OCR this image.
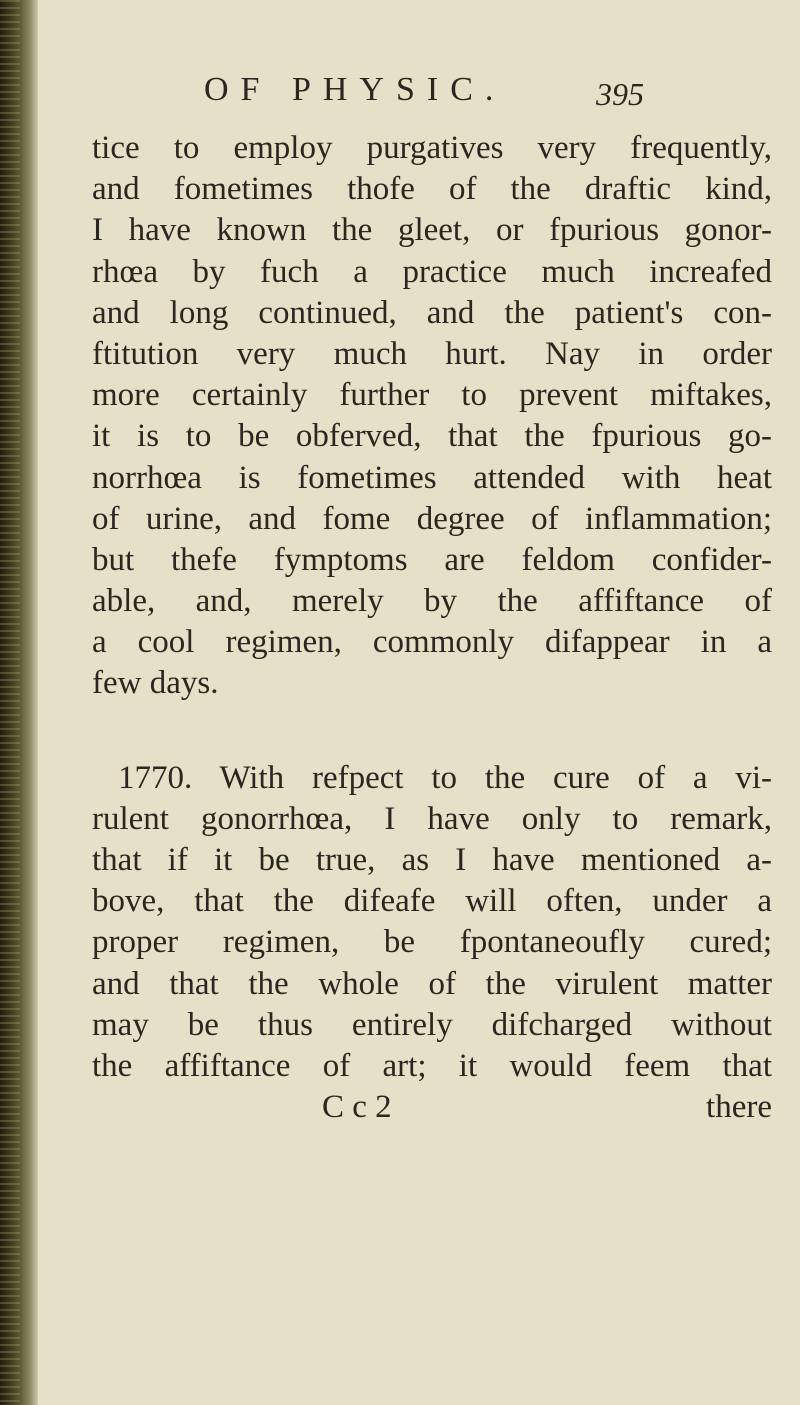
OF PHYSIC.	395
tice to employ purgatives very frequently,
and fometimes thofe of the draftic kind,
I have known the gleet, or fpurious gonor-
rhœa by fuch a practice much increafed
and long continued, and the patient's con-
ftitution very much hurt. Nay in order
more certainly further to prevent miftakes,
it is to be obferved, that the fpurious go-
norrhœa is fometimes attended with heat
of urine, and fome degree of inflammation;
but thefe fymptoms are feldom confider-
able, and, merely by the affiftance of
a cool regimen, commonly difappear in a
few days.
1770. With refpect to the cure of a vi-
rulent gonorrhœa, I have only to remark,
that if it be true, as I have mentioned a-
bove, that the difeafe will often, under a
proper regimen, be fpontaneoufly cured;
and that the whole of the virulent matter
may be thus entirely difcharged without
the affiftance of art; it would feem that
C c 2	there
